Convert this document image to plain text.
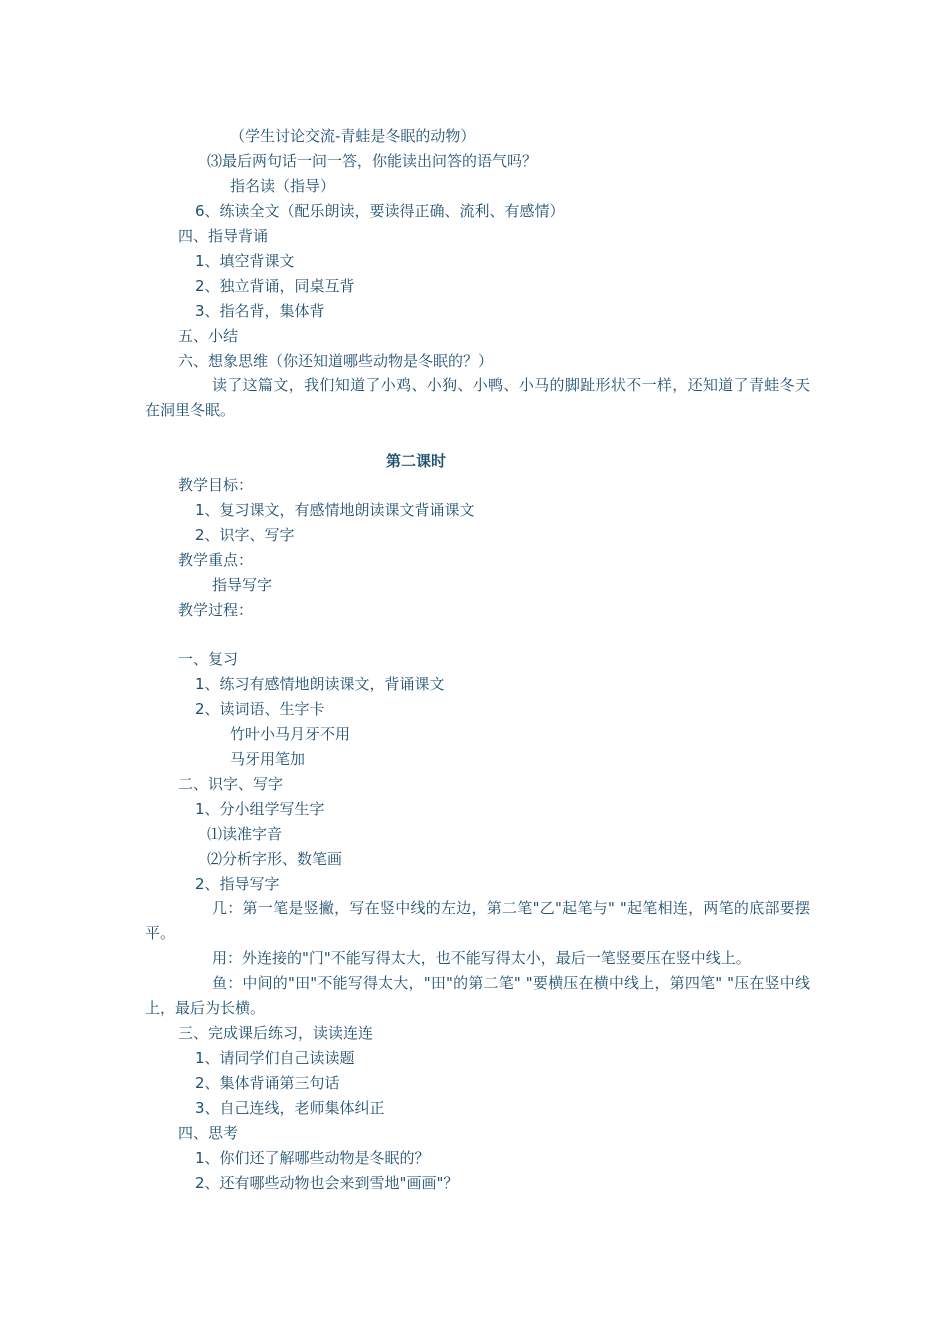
（学生讨论交流-青蛙是冬眠的动物）
⑶最后两句话一问一答，你能读出问答的语气吗？
指名读（指导）
6、练读全文（配乐朗读，要读得正确、流利、有感情）
四、指导背诵
1、填空背课文
2、独立背诵，同桌互背
3、指名背，集体背
五、小结
六、想象思维（你还知道哪些动物是冬眠的？）
读了这篇文，我们知道了小鸡、小狗、小鸭、小马的脚趾形状不一样，还知道了青蛙冬天在洞里冬眠。
第二课时
教学目标：
1、复习课文，有感情地朗读课文背诵课文
2、识字、写字
教学重点：
指导写字
教学过程：
一、复习
1、练习有感情地朗读课文，背诵课文
2、读词语、生字卡
竹叶小马月牙不用
马牙用笔加
二、识字、写字
1、分小组学写生字
⑴读准字音
⑵分析字形、数笔画
2、指导写字
几：第一笔是竖撇，写在竖中线的左边，第二笔"乙"起笔与" "起笔相连，两笔的底部要摆平。
用：外连接的"门"不能写得太大，也不能写得太小，最后一笔竖要压在竖中线上。
鱼：中间的"田"不能写得太大，"田"的第二笔" "要横压在横中线上，第四笔" "压在竖中线上，最后为长横。
三、完成课后练习，读读连连
1、请同学们自己读读题
2、集体背诵第三句话
3、自己连线，老师集体纠正
四、思考
1、你们还了解哪些动物是冬眠的？
2、还有哪些动物也会来到雪地"画画"？
